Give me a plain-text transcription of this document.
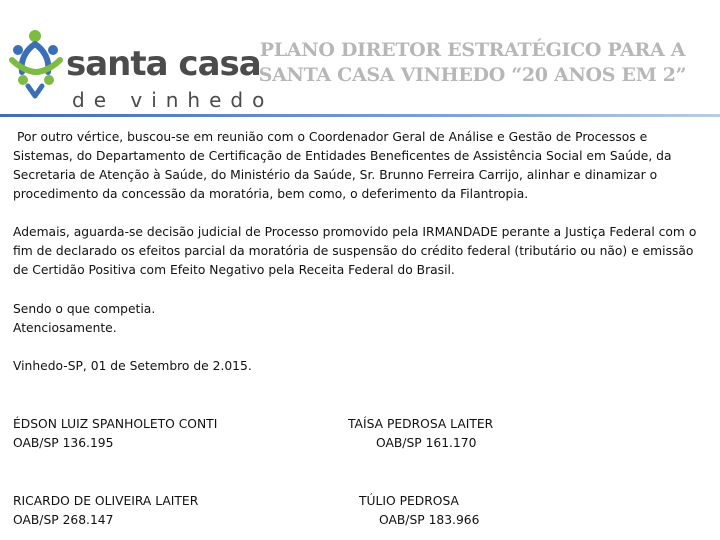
santa casa
de vinhedo
PLANO DIRETOR ESTRATÉGICO PARA A
SANTA CASA VINHEDO “20 ANOS EM 2”
Por outro vértice, buscou-se em reunião com o Coordenador Geral de Análise e Gestão de Processos e Sistemas, do Departamento de Certificação de Entidades Beneficentes de Assistência Social em Saúde, da Secretaria de Atenção à Saúde, do Ministério da Saúde, Sr. Brunno Ferreira Carrijo, alinhar e dinamizar o procedimento da concessão da moratória, bem como, o deferimento da Filantropia.
Ademais, aguarda-se decisão judicial de Processo promovido pela IRMANDADE perante a Justiça Federal com o fim de declarado os efeitos parcial da moratória de suspensão do crédito federal (tributário ou não) e emissão de Certidão Positiva com Efeito Negativo pela Receita Federal do Brasil.
Sendo o que competia.
Atenciosamente.
Vinhedo-SP, 01 de Setembro de 2.015.
ÉDSON LUIZ SPANHOLETO CONTI
OAB/SP 136.195
TAÍSA PEDROSA LAITER
OAB/SP 161.170
RICARDO DE OLIVEIRA LAITER
OAB/SP 268.147
TÚLIO PEDROSA
OAB/SP 183.966
